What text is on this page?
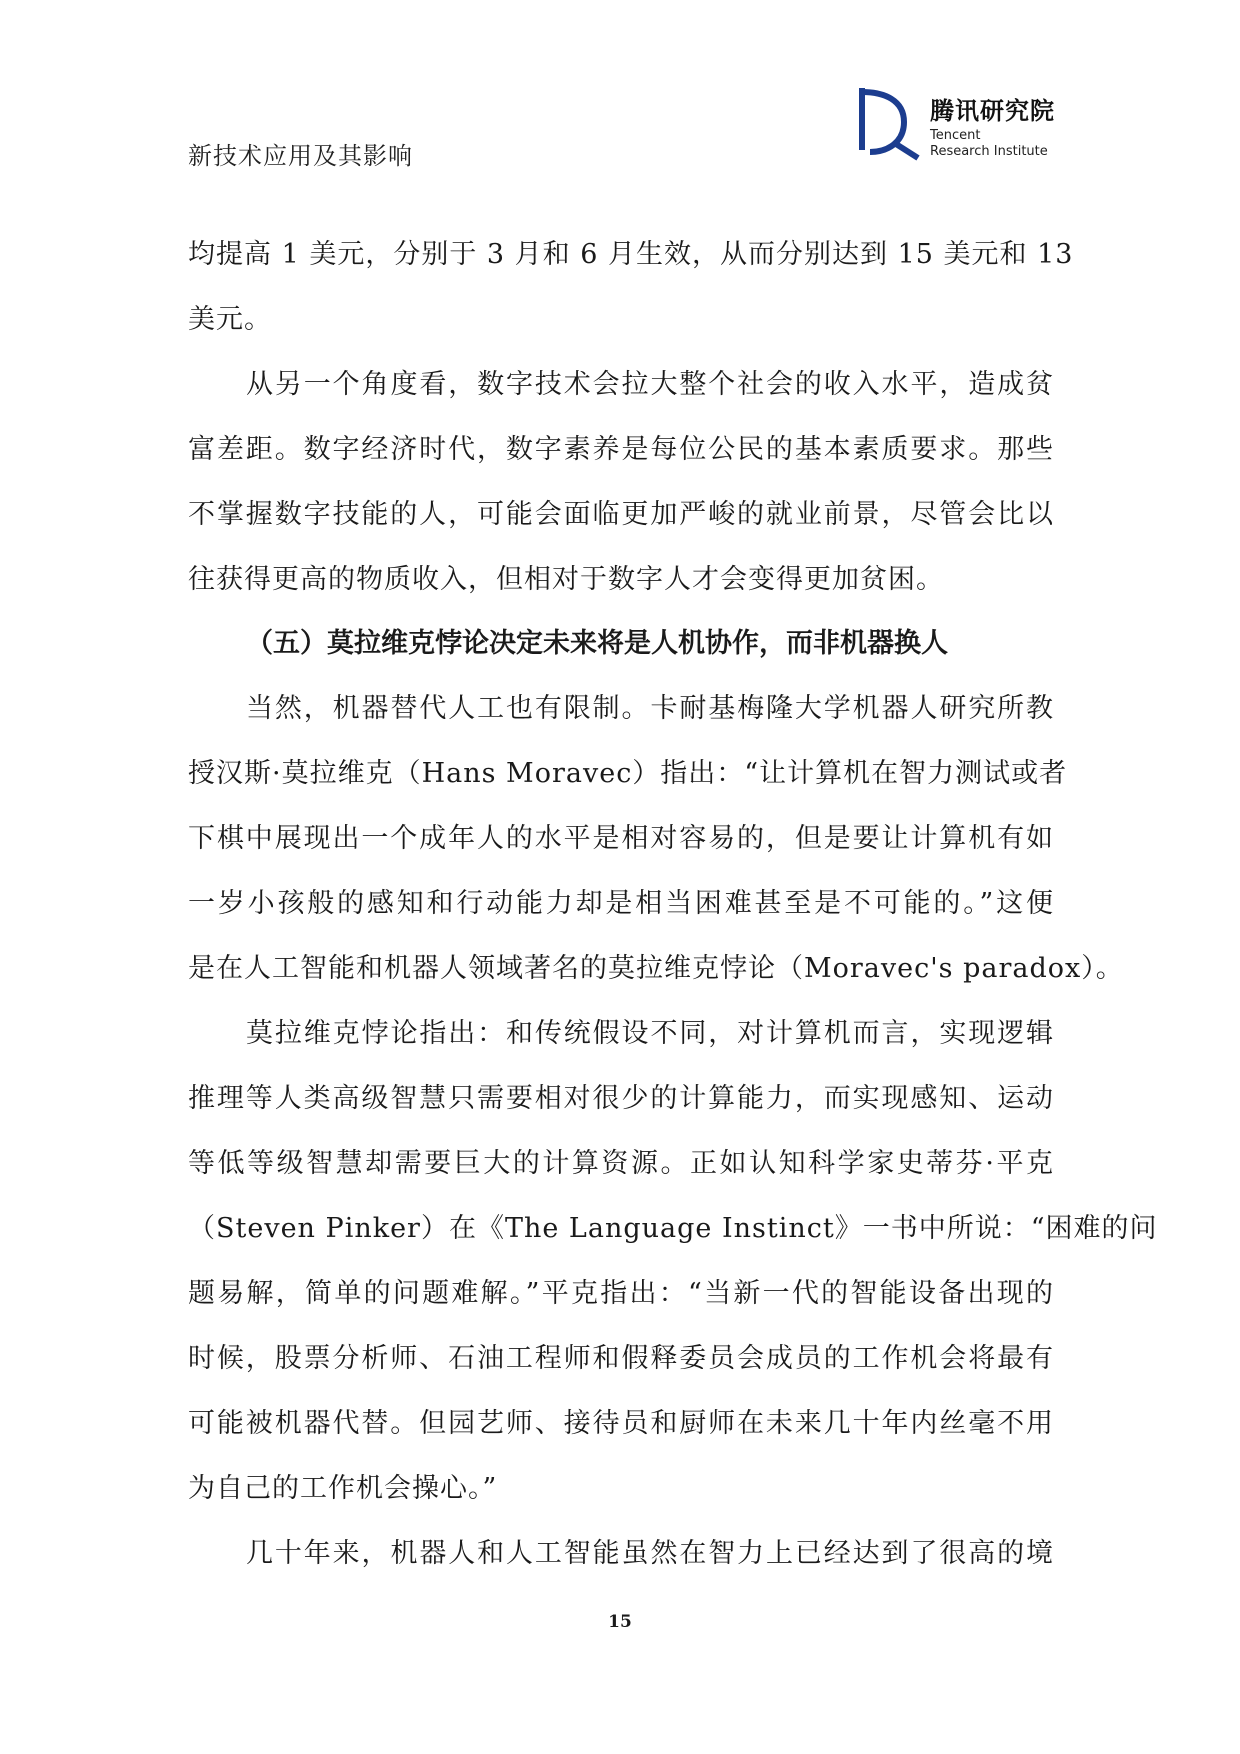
新技术应用及其影响
腾讯研究院
Tencent
Research Institute
均提高 1 美元，分别于 3 月和 6 月生效，从而分别达到 15 美元和 13
美元。
从另一个角度看，数字技术会拉大整个社会的收入水平，造成贫
富差距。数字经济时代，数字素养是每位公民的基本素质要求。那些
不掌握数字技能的人，可能会面临更加严峻的就业前景，尽管会比以
往获得更高的物质收入，但相对于数字人才会变得更加贫困。
（五）莫拉维克悖论决定未来将是人机协作，而非机器换人
当然，机器替代人工也有限制。卡耐基梅隆大学机器人研究所教
授汉斯·莫拉维克（Hans Moravec）指出：“让计算机在智力测试或者
下棋中展现出一个成年人的水平是相对容易的，但是要让计算机有如
一岁小孩般的感知和行动能力却是相当困难甚至是不可能的。”这便
是在人工智能和机器人领域著名的莫拉维克悖论（Moravec's paradox）。
莫拉维克悖论指出：和传统假设不同，对计算机而言，实现逻辑
推理等人类高级智慧只需要相对很少的计算能力，而实现感知、运动
等低等级智慧却需要巨大的计算资源。正如认知科学家史蒂芬·平克
（Steven Pinker）在《The Language Instinct》一书中所说：“困难的问
题易解，简单的问题难解。”平克指出：“当新一代的智能设备出现的
时候，股票分析师、石油工程师和假释委员会成员的工作机会将最有
可能被机器代替。但园艺师、接待员和厨师在未来几十年内丝毫不用
为自己的工作机会操心。”
几十年来，机器人和人工智能虽然在智力上已经达到了很高的境
15
